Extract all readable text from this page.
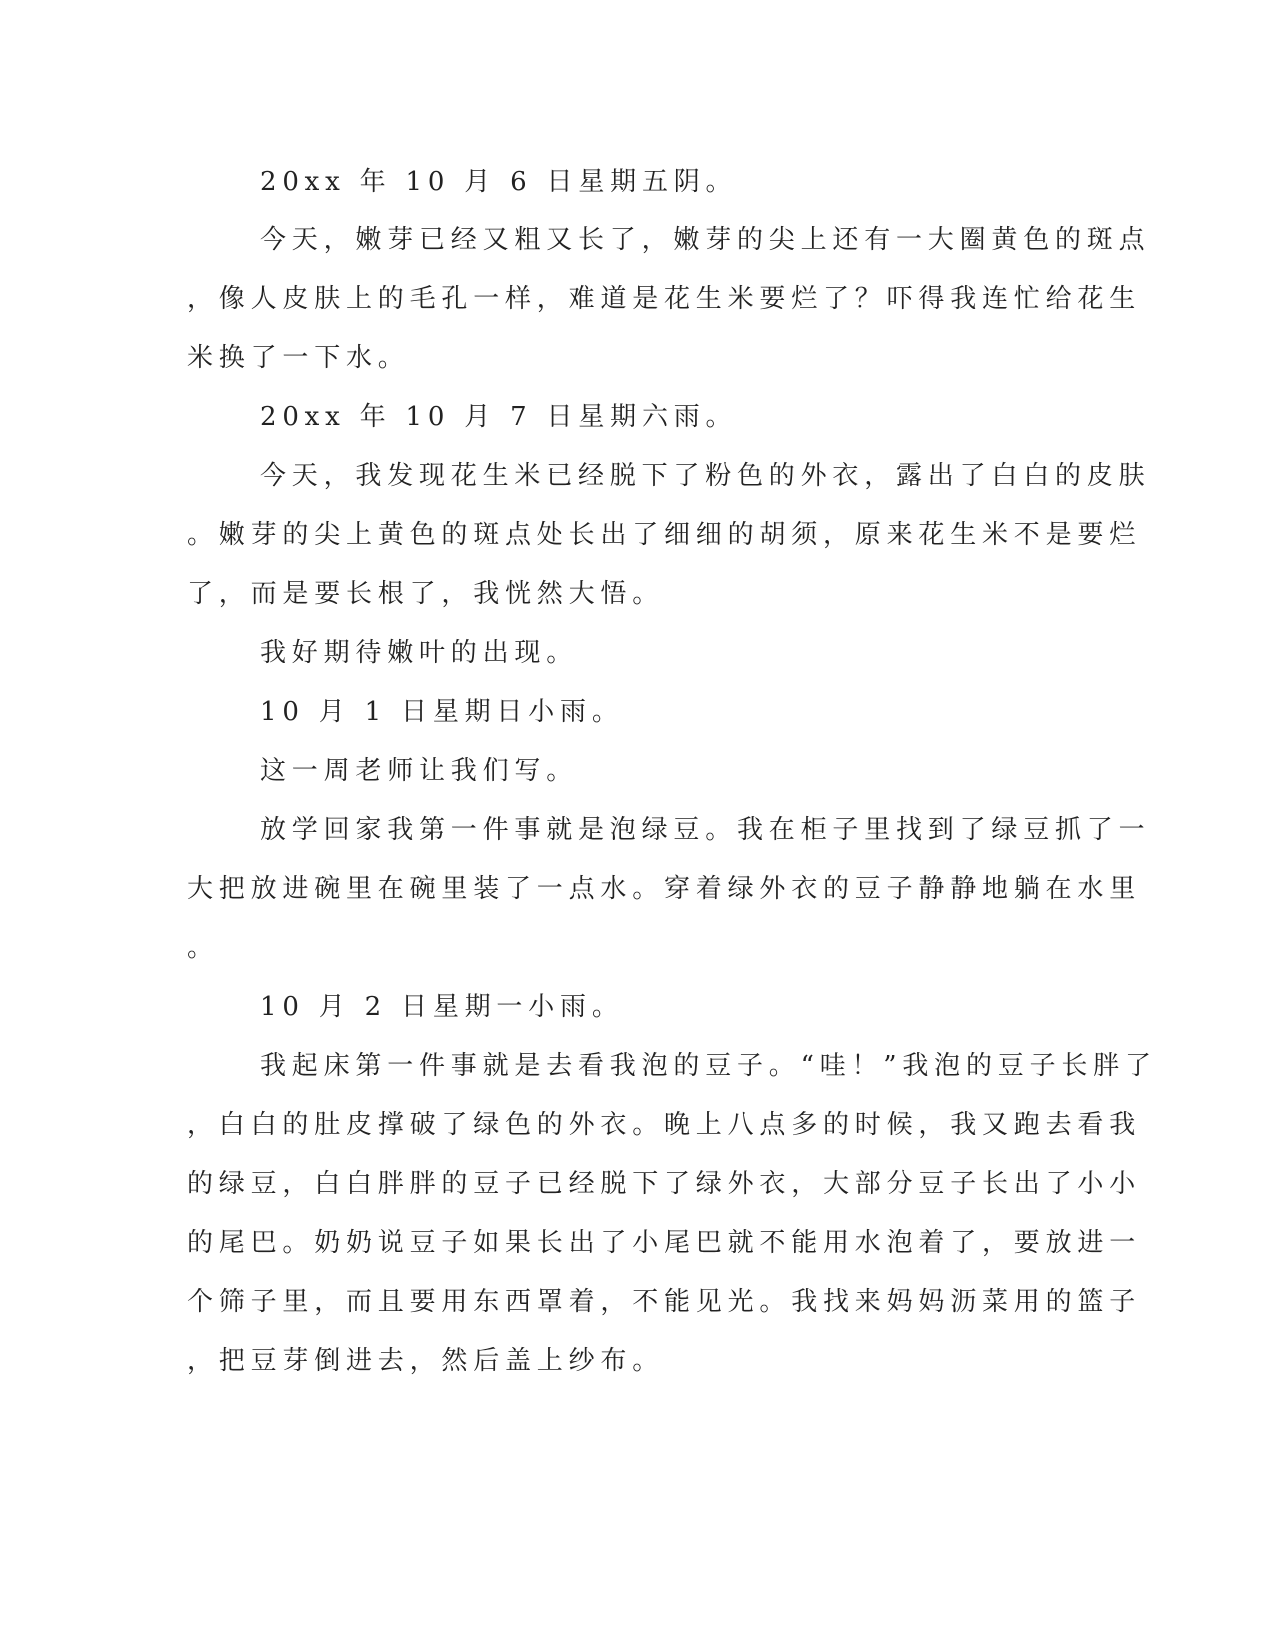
20xx 年 10 月 6 日星期五阴。
今天，嫩芽已经又粗又长了，嫩芽的尖上还有一大圈黄色的斑点
，像人皮肤上的毛孔一样，难道是花生米要烂了？吓得我连忙给花生
米换了一下水。
20xx 年 10 月 7 日星期六雨。
今天，我发现花生米已经脱下了粉色的外衣，露出了白白的皮肤
。嫩芽的尖上黄色的斑点处长出了细细的胡须，原来花生米不是要烂
了，而是要长根了，我恍然大悟。
我好期待嫩叶的出现。
10 月 1 日星期日小雨。
这一周老师让我们写。
放学回家我第一件事就是泡绿豆。我在柜子里找到了绿豆抓了一
大把放进碗里在碗里装了一点水。穿着绿外衣的豆子静静地躺在水里
。
10 月 2 日星期一小雨。
我起床第一件事就是去看我泡的豆子。“哇！”我泡的豆子长胖了
，白白的肚皮撑破了绿色的外衣。晚上八点多的时候，我又跑去看我
的绿豆，白白胖胖的豆子已经脱下了绿外衣，大部分豆子长出了小小
的尾巴。奶奶说豆子如果长出了小尾巴就不能用水泡着了，要放进一
个筛子里，而且要用东西罩着，不能见光。我找来妈妈沥菜用的篮子
，把豆芽倒进去，然后盖上纱布。
